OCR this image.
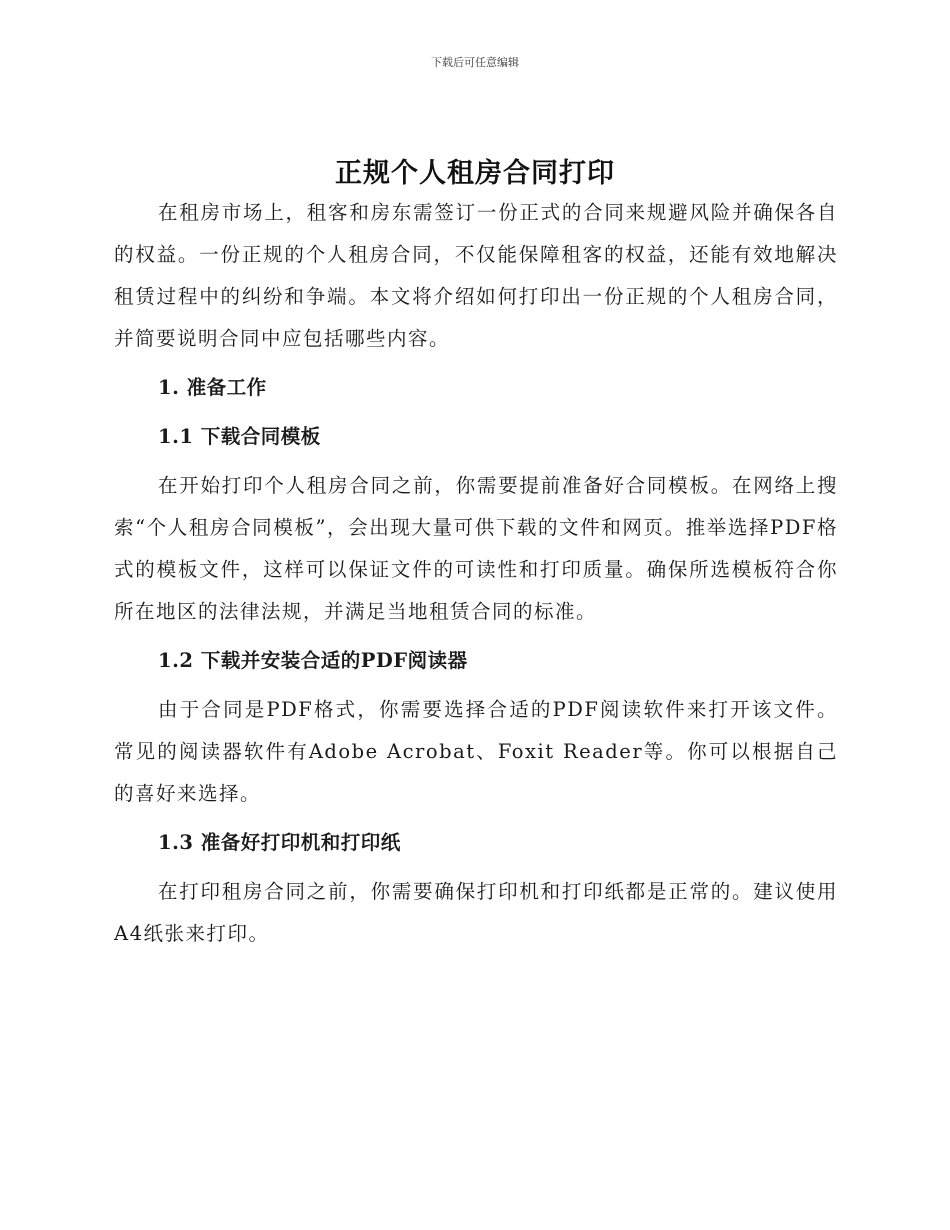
下载后可任意编辑
正规个人租房合同打印

在租房市场上，租客和房东需签订一份正式的合同来规避风险并确保各自的权益。一份正规的个人租房合同，不仅能保障租客的权益，还能有效地解决租赁过程中的纠纷和争端。本文将介绍如何打印出一份正规的个人租房合同，并简要说明合同中应包括哪些内容。

1. 准备工作

1.1 下载合同模板

在开始打印个人租房合同之前，你需要提前准备好合同模板。在网络上搜索“个人租房合同模板”，会出现大量可供下载的文件和网页。推举选择PDF格式的模板文件，这样可以保证文件的可读性和打印质量。确保所选模板符合你所在地区的法律法规，并满足当地租赁合同的标准。

1.2 下载并安装合适的PDF阅读器

由于合同是PDF格式，你需要选择合适的PDF阅读软件来打开该文件。常见的阅读器软件有Adobe Acrobat、Foxit Reader等。你可以根据自己的喜好来选择。

1.3 准备好打印机和打印纸

在打印租房合同之前，你需要确保打印机和打印纸都是正常的。建议使用A4纸张来打印。
